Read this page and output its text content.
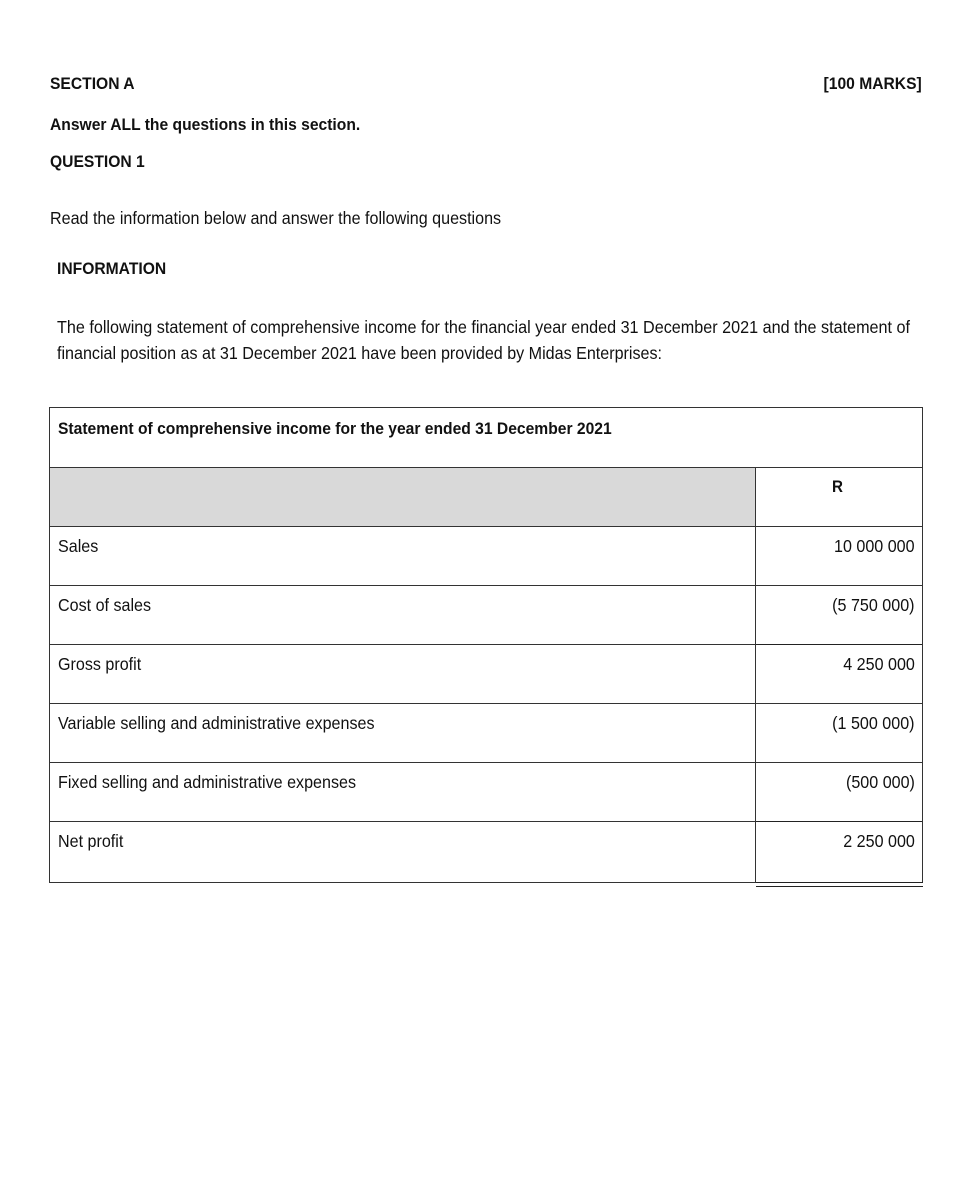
SECTION A	[100 MARKS]
Answer ALL the questions in this section.
QUESTION 1
Read the information below and answer the following questions
INFORMATION
The following statement of comprehensive income for the financial year ended 31 December 2021 and the statement of
financial position as at 31 December 2021 have been provided by Midas Enterprises:
Statement of comprehensive income for the year ended 31 December 2021
R
Sales	10 000 000
Cost of sales	(5 750 000)
Gross profit	4 250 000
Variable selling and administrative expenses	(1 500 000)
Fixed selling and administrative expenses	(500 000)
Net profit	2 250 000
